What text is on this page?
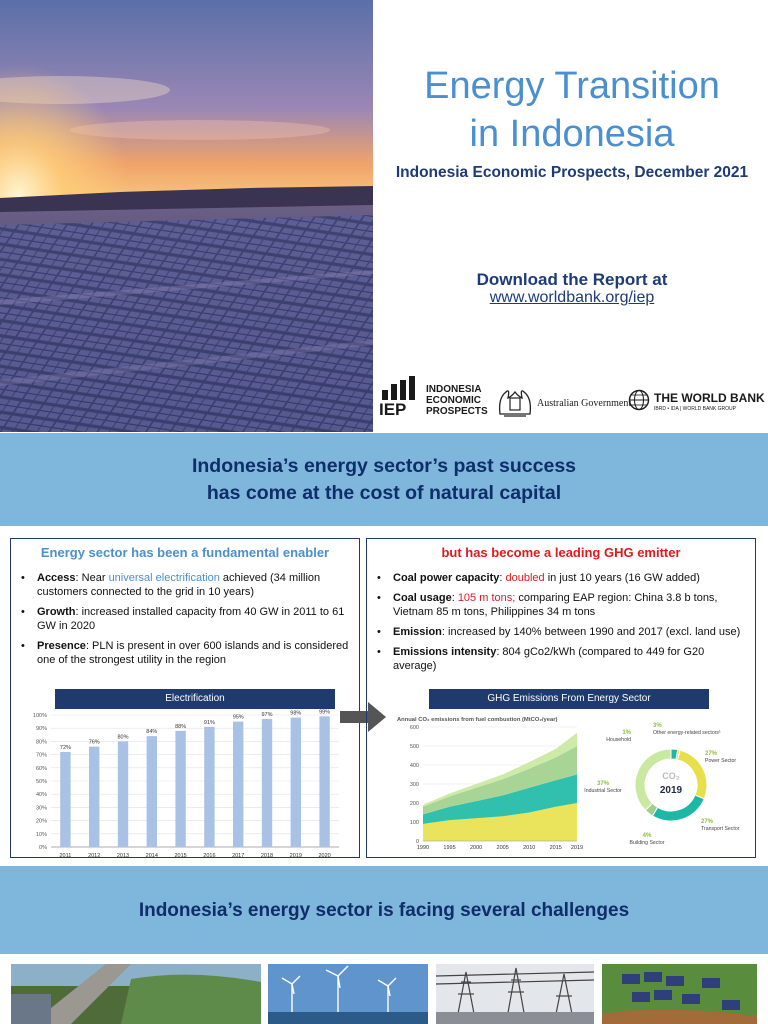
Energy Transition
in Indonesia
Indonesia Economic Prospects, December 2021
Download the Report at
www.worldbank.org/iep
IEP
INDONESIA
ECONOMIC
PROSPECTS
Australian Government THE WORLD BANK
IBRD • IDA | WORLD BANK GROUP
Indonesia’s energy sector’s past success
has come at the cost of natural capital
Energy sector has been a fundamental enabler
• Access: Near universal electrification achieved (34 million customers connected to the grid in 10 years)
• Growth: increased installed capacity from 40 GW in 2011 to 61 GW in 2020
• Presence: PLN is present in over 600 islands and is considered one of the strongest utility in the region
Electrification
0%
10%
20%
30%
40%
50%
60%
70%
80%
90%
100%
72%
2011
76%
2012
80%
2013
84%
2014
88%
2015
91%
2016
95%
2017
97%
2018
98%
2019
99%
2020
but has become a leading GHG emitter
• Coal power capacity: doubled in just 10 years (16 GW added)
• Coal usage: 105 m tons; comparing EAP region: China 3.8 b tons, Vietnam 85 m tons, Philippines 34 m tons
• Emission: increased by 140% between 1990 and 2017 (excl. land use)
• Emissions intensity: 804 gCo2/kWh (compared to 449 for G20 average)
GHG Emissions From Energy Sector
Annual CO₂ emissions from fuel combustion (MtCO₂/year)
0
100
200
300
400
500
600
1990	1995	2000	2005	2010	2015 2019
CO₂
2019
3%
Other energy-related sectors¹
1%
Household
27%
Power Sector
27%
Transport Sector
4%
Building Sector
37%
Industrial Sector
Indonesia’s energy sector is facing several challenges
